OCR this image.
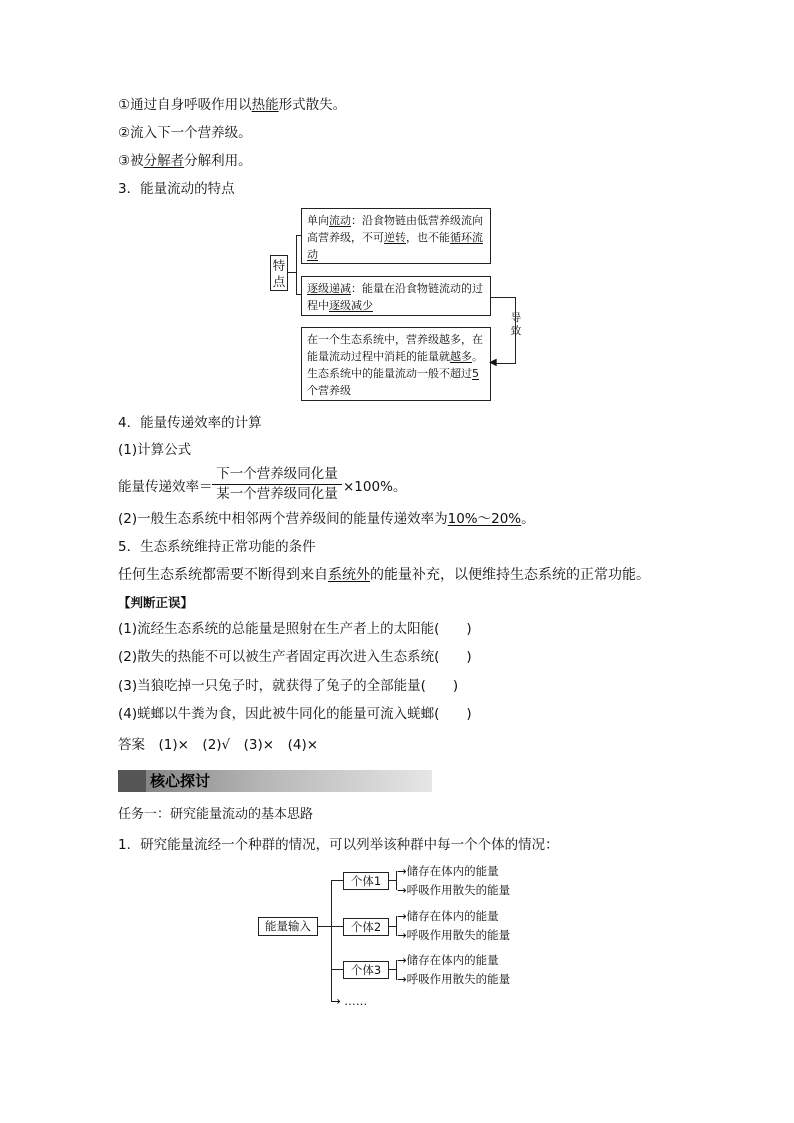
①通过自身呼吸作用以热能形式散失。
②流入下一个营养级。
③被分解者分解利用。
3．能量流动的特点
特点
单向流动：沿食物链由低营养级流向高营养级，不可逆转，也不能循环流动
逐级递减：能量在沿食物链流动的过程中逐级减少
◀
导致
在一个生态系统中，营养级越多，在能量流动过程中消耗的能量就越多。生态系统中的能量流动一般不超过5个营养级
4．能量传递效率的计算
(1)计算公式
能量传递效率＝
下一个营养级同化量
某一个营养级同化量 ×100%。
(2)一般生态系统中相邻两个营养级间的能量传递效率为10%～20%。
5．生态系统维持正常功能的条件
任何生态系统都需要不断得到来自系统外的能量补充，以便维持生态系统的正常功能。
【判断正误】
(1)流经生态系统的总能量是照射在生产者上的太阳能(　　)
(2)散失的热能不可以被生产者固定再次进入生态系统(　　)
(3)当狼吃掉一只兔子时，就获得了兔子的全部能量(　　)
(4)蜣螂以牛粪为食，因此被牛同化的能量可流入蜣螂(　　)
答案　(1)×　(2)√　(3)×　(4)×
核心探讨
任务一：研究能量流动的基本思路
1．研究能量流经一个种群的情况，可以列举该种群中每一个个体的情况：
能量输入
个体1
→储存在体内的能量
→呼吸作用散失的能量
个体2
→储存在体内的能量
→呼吸作用散失的能量
个体3
→储存在体内的能量
→呼吸作用散失的能量
→ ……
